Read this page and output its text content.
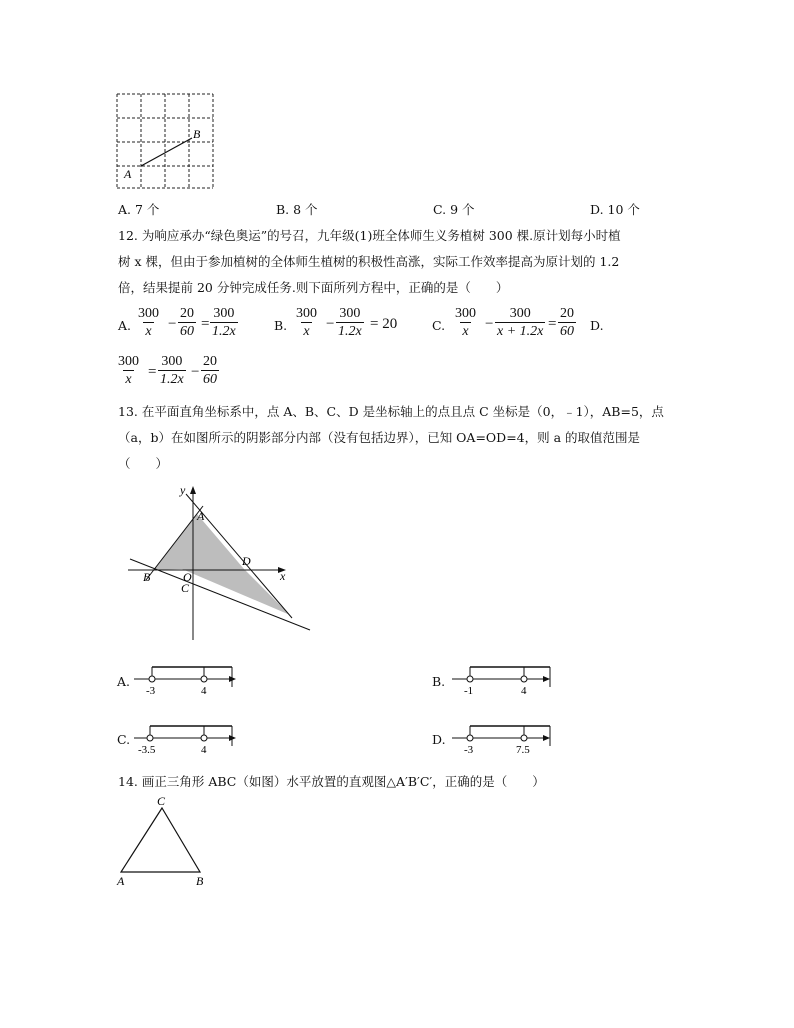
A
B
A. 7 个	B. 8 个	C. 9 个	D. 10 个
12. 为响应承办“绿色奥运”的号召，九年级(1)班全体师生义务植树 300 棵.原计划每小时植
树 x 棵，但由于参加植树的全体师生植树的积极性高涨，实际工作效率提高为原计划的 1.2
倍，结果提前 20 分钟完成任务.则下面所列方程中，正确的是（　　）
A. $\frac{300}{x} - \frac{20}{60} = \frac{300}{1.2x}$	B. $\frac{300}{x} - \frac{300}{1.2x} = 20$	C. $\frac{300}{x} - \frac{300}{x + 1.2x} = \frac{20}{60} D$.
$\frac{300}{x} = \frac{300}{1.2x} - \frac{20}{60}$
13. 在平面直角坐标系中，点 A、B、C、D 是坐标轴上的点且点 C 坐标是（0，﹣1），AB=5，点
（a，b）在如图所示的阴影部分内部（没有包括边界），已知 OA=OD=4，则 a 的取值范围是
（　　）
y
x
A
B
C
D
O
A.
-3	4
B.
-1	4
C.
-3.5	4
D.
-3	7.5
14. 画正三角形 ABC（如图）水平放置的直观图△A′B′C′，正确的是（　　）
C
A	B
